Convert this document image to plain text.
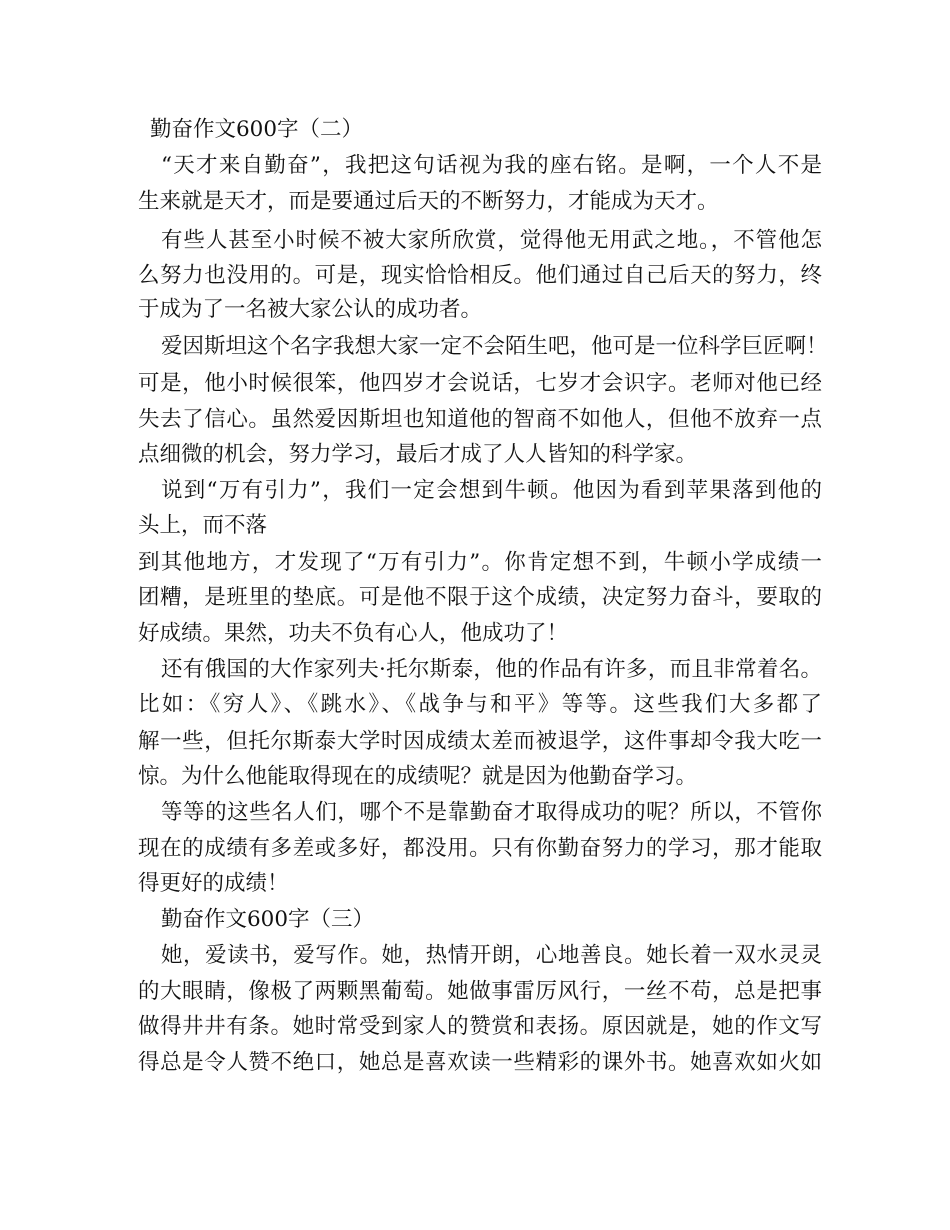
勤奋作文600字（二）
“天才来自勤奋”，我把这句话视为我的座右铭。是啊，一个人不是
生来就是天才，而是要通过后天的不断努力，才能成为天才。
有些人甚至小时候不被大家所欣赏，觉得他无用武之地。，不管他怎
么努力也没用的。可是，现实恰恰相反。他们通过自己后天的努力，终
于成为了一名被大家公认的成功者。
爱因斯坦这个名字我想大家一定不会陌生吧，他可是一位科学巨匠啊！
可是，他小时候很笨，他四岁才会说话，七岁才会识字。老师对他已经
失去了信心。虽然爱因斯坦也知道他的智商不如他人，但他不放弃一点
点细微的机会，努力学习，最后才成了人人皆知的科学家。
说到“万有引力”，我们一定会想到牛顿。他因为看到苹果落到他的
头上，而不落
到其他地方，才发现了“万有引力”。你肯定想不到，牛顿小学成绩一
团糟，是班里的垫底。可是他不限于这个成绩，决定努力奋斗，要取的
好成绩。果然，功夫不负有心人，他成功了！
还有俄国的大作家列夫·托尔斯泰，他的作品有许多，而且非常着名。
比如：《穷人》、《跳水》、《战争与和平》等等。这些我们大多都了
解一些，但托尔斯泰大学时因成绩太差而被退学，这件事却令我大吃一
惊。为什么他能取得现在的成绩呢？就是因为他勤奋学习。
等等的这些名人们，哪个不是靠勤奋才取得成功的呢？所以，不管你
现在的成绩有多差或多好，都没用。只有你勤奋努力的学习，那才能取
得更好的成绩！
勤奋作文600字（三）
她，爱读书，爱写作。她，热情开朗，心地善良。她长着一双水灵灵
的大眼睛，像极了两颗黑葡萄。她做事雷厉风行，一丝不苟，总是把事
做得井井有条。她时常受到家人的赞赏和表扬。原因就是，她的作文写
得总是令人赞不绝口，她总是喜欢读一些精彩的课外书。她喜欢如火如
